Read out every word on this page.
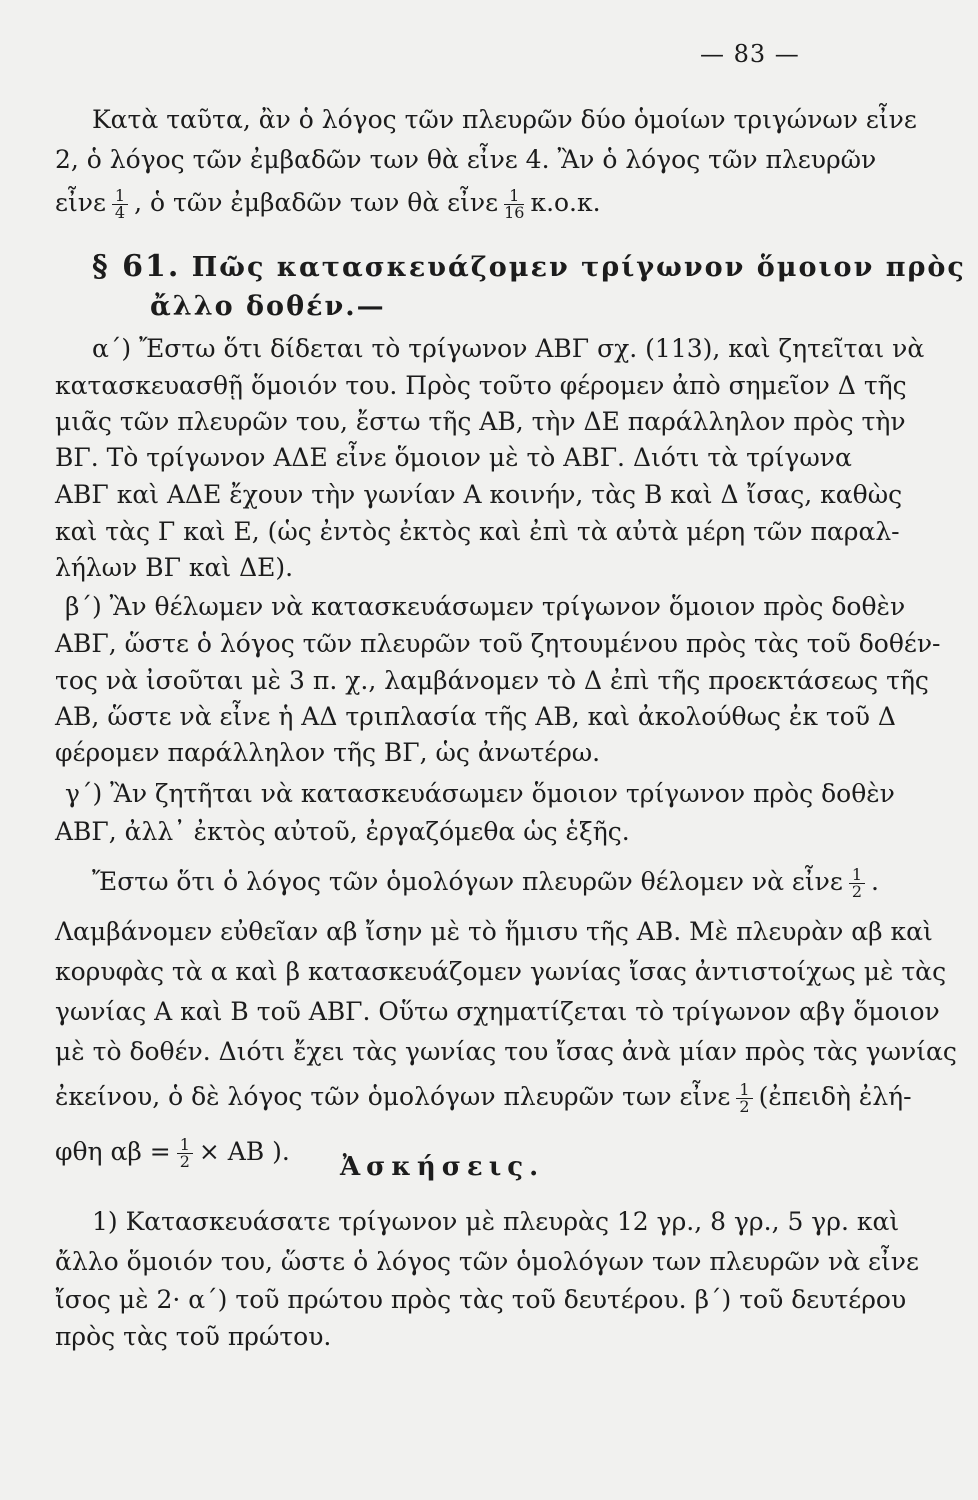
— 83 —
Κατὰ ταῦτα, ἂν ὁ λόγος τῶν πλευρῶν δύο ὁμοίων τριγώνων εἶνε
2, ὁ λόγος τῶν ἐμβαδῶν των θὰ εἶνε 4. Ἂν ὁ λόγος τῶν πλευρῶν
εἶνε $\frac{1}{4}$ , ὁ τῶν ἐμβαδῶν των θὰ εἶνε $\frac{1}{16} \kappa.o.\kappa$.
§ 61. Πῶς κατασκευάζομεν τρίγωνον ὅμοιον πρὸς
ἄλλο δοθέν.—
α΄) Ἔστω ὅτι δίδεται τὸ τρίγωνον ΑΒΓ σχ. (113), καὶ ζητεῖται νὰ
κατασκευασθῇ ὅμοιόν του. Πρὸς τοῦτο φέρομεν ἀπὸ σημεῖον Δ τῆς
μιᾶς τῶν πλευρῶν του, ἔστω τῆς ΑΒ, τὴν ΔΕ παράλληλον πρὸς τὴν
ΒΓ. Τὸ τρίγωνον ΑΔΕ εἶνε ὅμοιον μὲ τὸ ΑΒΓ. Διότι τὰ τρίγωνα
ΑΒΓ καὶ ΑΔΕ ἔχουν τὴν γωνίαν Α κοινήν, τὰς Β καὶ Δ ἴσας, καθὼς
καὶ τὰς Γ καὶ Ε, (ὡς ἐντὸς ἐκτὸς καὶ ἐπὶ τὰ αὐτὰ μέρη τῶν παραλ-
λήλων ΒΓ καὶ ΔΕ).
β΄) Ἂν θέλωμεν νὰ κατασκευάσωμεν τρίγωνον ὅμοιον πρὸς δοθὲν
ΑΒΓ, ὥστε ὁ λόγος τῶν πλευρῶν τοῦ ζητουμένου πρὸς τὰς τοῦ δοθέν-
τος νὰ ἰσοῦται μὲ 3 π. χ., λαμβάνομεν τὸ Δ ἐπὶ τῆς προεκτάσεως τῆς
ΑΒ, ὥστε νὰ εἶνε ἡ ΑΔ τριπλασία τῆς ΑΒ, καὶ ἀκολούθως ἐκ τοῦ Δ
φέρομεν παράλληλον τῆς ΒΓ, ὡς ἀνωτέρω.
γ΄) Ἂν ζητῆται νὰ κατασκευάσωμεν ὅμοιον τρίγωνον πρὸς δοθὲν
ΑΒΓ, ἀλλ᾽ ἐκτὸς αὐτοῦ, ἐργαζόμεθα ὡς ἑξῆς.
Ἔστω ὅτι ὁ λόγος τῶν ὁμολόγων πλευρῶν θέλομεν νὰ εἶνε $\frac{1}{2}$ .
Λαμβάνομεν εὐθεῖαν αβ ἴσην μὲ τὸ ἥμισυ τῆς ΑΒ. Μὲ πλευρὰν αβ καὶ
κορυφὰς τὰ α καὶ β κατασκευάζομεν γωνίας ἴσας ἀντιστοίχως μὲ τὰς
γωνίας Α καὶ Β τοῦ ΑΒΓ. Οὕτω σχηματίζεται τὸ τρίγωνον αβγ ὅμοιον
μὲ τὸ δοθέν. Διότι ἔχει τὰς γωνίας του ἴσας ἀνὰ μίαν πρὸς τὰς γωνίας
ἐκείνου, ὁ δὲ λόγος τῶν ὁμολόγων πλευρῶν των εἶνε $\frac{1}{2}$ (ἐπειδὴ ἐλή-
φθη $\alpha\beta = \frac{1}{2} \times AB$ ).
Ἀσκήσεις.
1) Κατασκευάσατε τρίγωνον μὲ πλευρὰς 12 γρ., 8 γρ., 5 γρ. καὶ
ἄλλο ὅμοιόν του, ὥστε ὁ λόγος τῶν ὁμολόγων των πλευρῶν νὰ εἶνε
ἴσος μὲ 2· α΄) τοῦ πρώτου πρὸς τὰς τοῦ δευτέρου. β΄) τοῦ δευτέρου
πρὸς τὰς τοῦ πρώτου.
